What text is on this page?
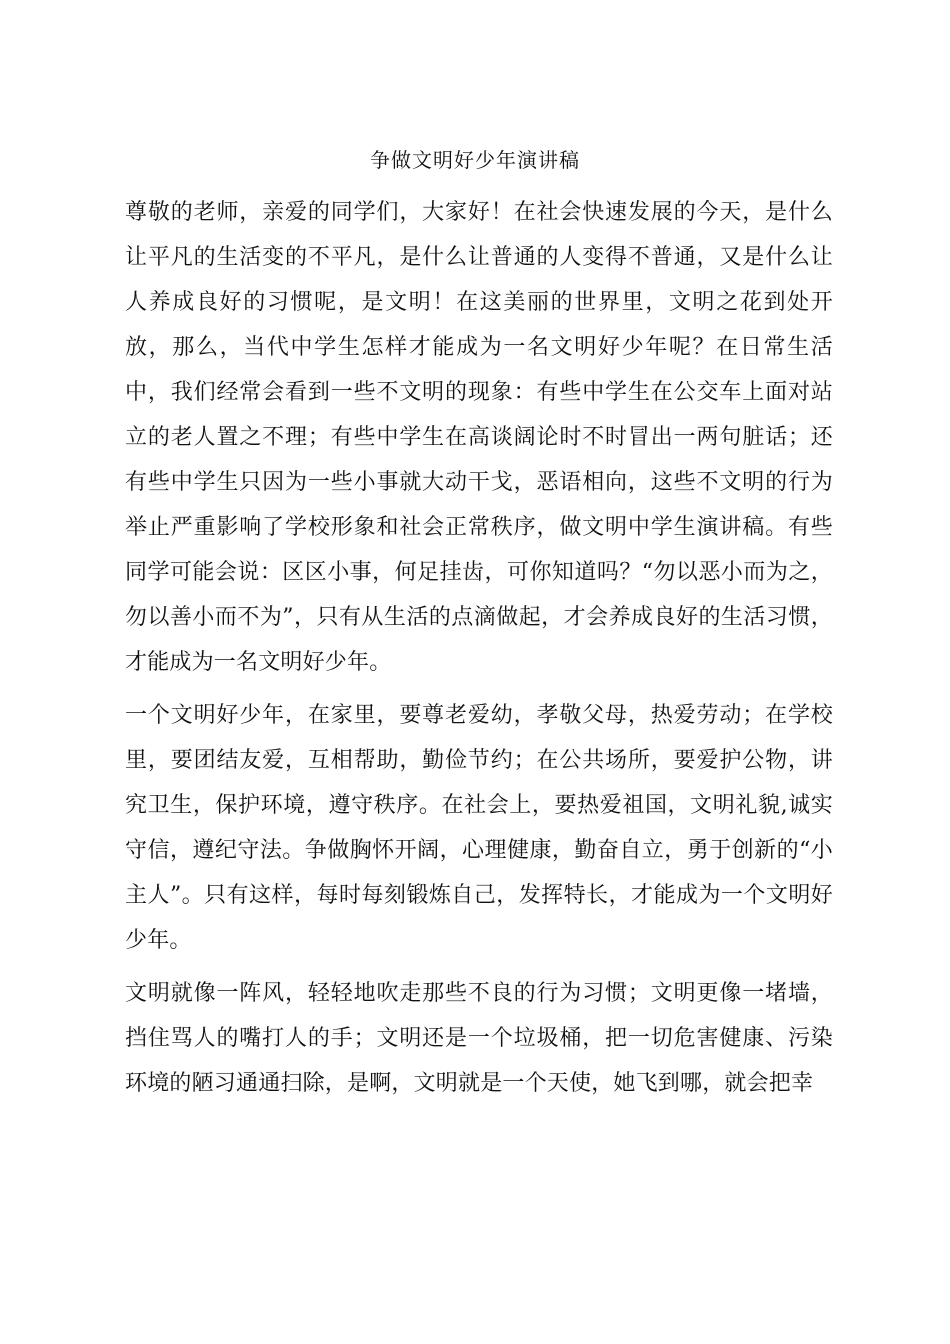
争做文明好少年演讲稿

尊敬的老师，亲爱的同学们，大家好！在社会快速发展的今天，是什么让平凡的生活变的不平凡，是什么让普通的人变得不普通，又是什么让人养成良好的习惯呢，是文明！在这美丽的世界里，文明之花到处开放，那么，当代中学生怎样才能成为一名文明好少年呢？在日常生活中，我们经常会看到一些不文明的现象：有些中学生在公交车上面对站立的老人置之不理；有些中学生在高谈阔论时不时冒出一两句脏话；还有些中学生只因为一些小事就大动干戈，恶语相向，这些不文明的行为举止严重影响了学校形象和社会正常秩序，做文明中学生演讲稿。有些同学可能会说：区区小事，何足挂齿，可你知道吗？“勿以恶小而为之，勿以善小而不为”，只有从生活的点滴做起，才会养成良好的生活习惯，才能成为一名文明好少年。

一个文明好少年，在家里，要尊老爱幼，孝敬父母，热爱劳动；在学校里，要团结友爱，互相帮助，勤俭节约；在公共场所，要爱护公物，讲究卫生，保护环境，遵守秩序。在社会上，要热爱祖国，文明礼貌,诚实守信，遵纪守法。争做胸怀开阔，心理健康，勤奋自立，勇于创新的“小主人”。只有这样，每时每刻锻炼自己，发挥特长，才能成为一个文明好少年。

文明就像一阵风，轻轻地吹走那些不良的行为习惯；文明更像一堵墙，挡住骂人的嘴打人的手；文明还是一个垃圾桶，把一切危害健康、污染环境的陋习通通扫除，是啊，文明就是一个天使，她飞到哪，就会把幸
